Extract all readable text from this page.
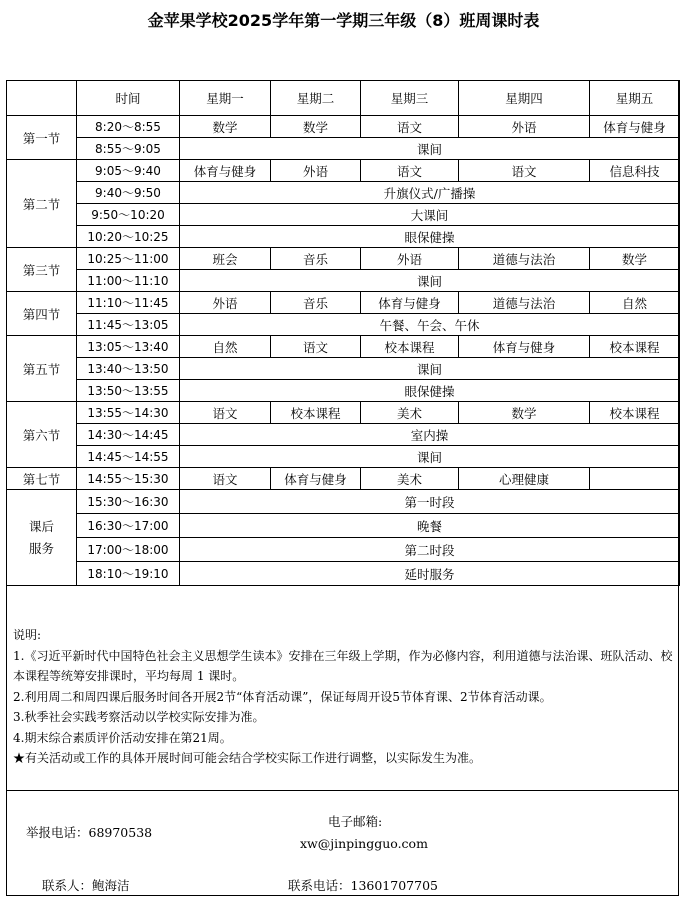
金苹果学校2025学年第一学期三年级（8）班周课时表
	时间	星期一	星期二	星期三	星期四	星期五
第一节	8:20～8:55	数学	数学	语文	外语	体育与健身
	8:55～9:05	课间				
第二节	9:05～9:40	体育与健身	外语	语文	语文	信息科技
	9:40～9:50	升旗仪式/广播操				
	9:50～10:20	大课间				
	10:20～10:25	眼保健操				
第三节	10:25～11:00	班会	音乐	外语	道德与法治	数学
	11:00～11:10	课间				
第四节	11:10～11:45	外语	音乐	体育与健身	道德与法治	自然
	11:45～13:05	午餐、午会、午休				
第五节	13:05～13:40	自然	语文	校本课程	体育与健身	校本课程
	13:40～13:50	课间				
	13:50～13:55	眼保健操				
第六节	13:55～14:30	语文	校本课程	美术	数学	校本课程
	14:30～14:45	室内操				
	14:45～14:55	课间				
第七节	14:55～15:30	语文	体育与健身	美术	心理健康	

课后
服务	15:30～16:30	第一时段				
	16:30～17:00	晚餐				
	17:00～18:00	第二时段				
	18:10～19:10	延时服务				
说明:
1.《习近平新时代中国特色社会主义思想学生读本》安排在三年级上学期，作为必修内容，利用道德与法治课、班队活动、校本课程等统筹安排课时，平均每周 1 课时。
2.利用周二和周四课后服务时间各开展2节“体育活动课”，保证每周开设5节体育课、2节体育活动课。
3.秋季社会实践考察活动以学校实际安排为准。
4.期末综合素质评价活动安排在第21周。
★有关活动或工作的具体开展时间可能会结合学校实际工作进行调整，以实际发生为准。
举报电话：68970538
电子邮箱:
xw@jinpingguo.com
联系人：鲍海洁	联系电话：13601707705
